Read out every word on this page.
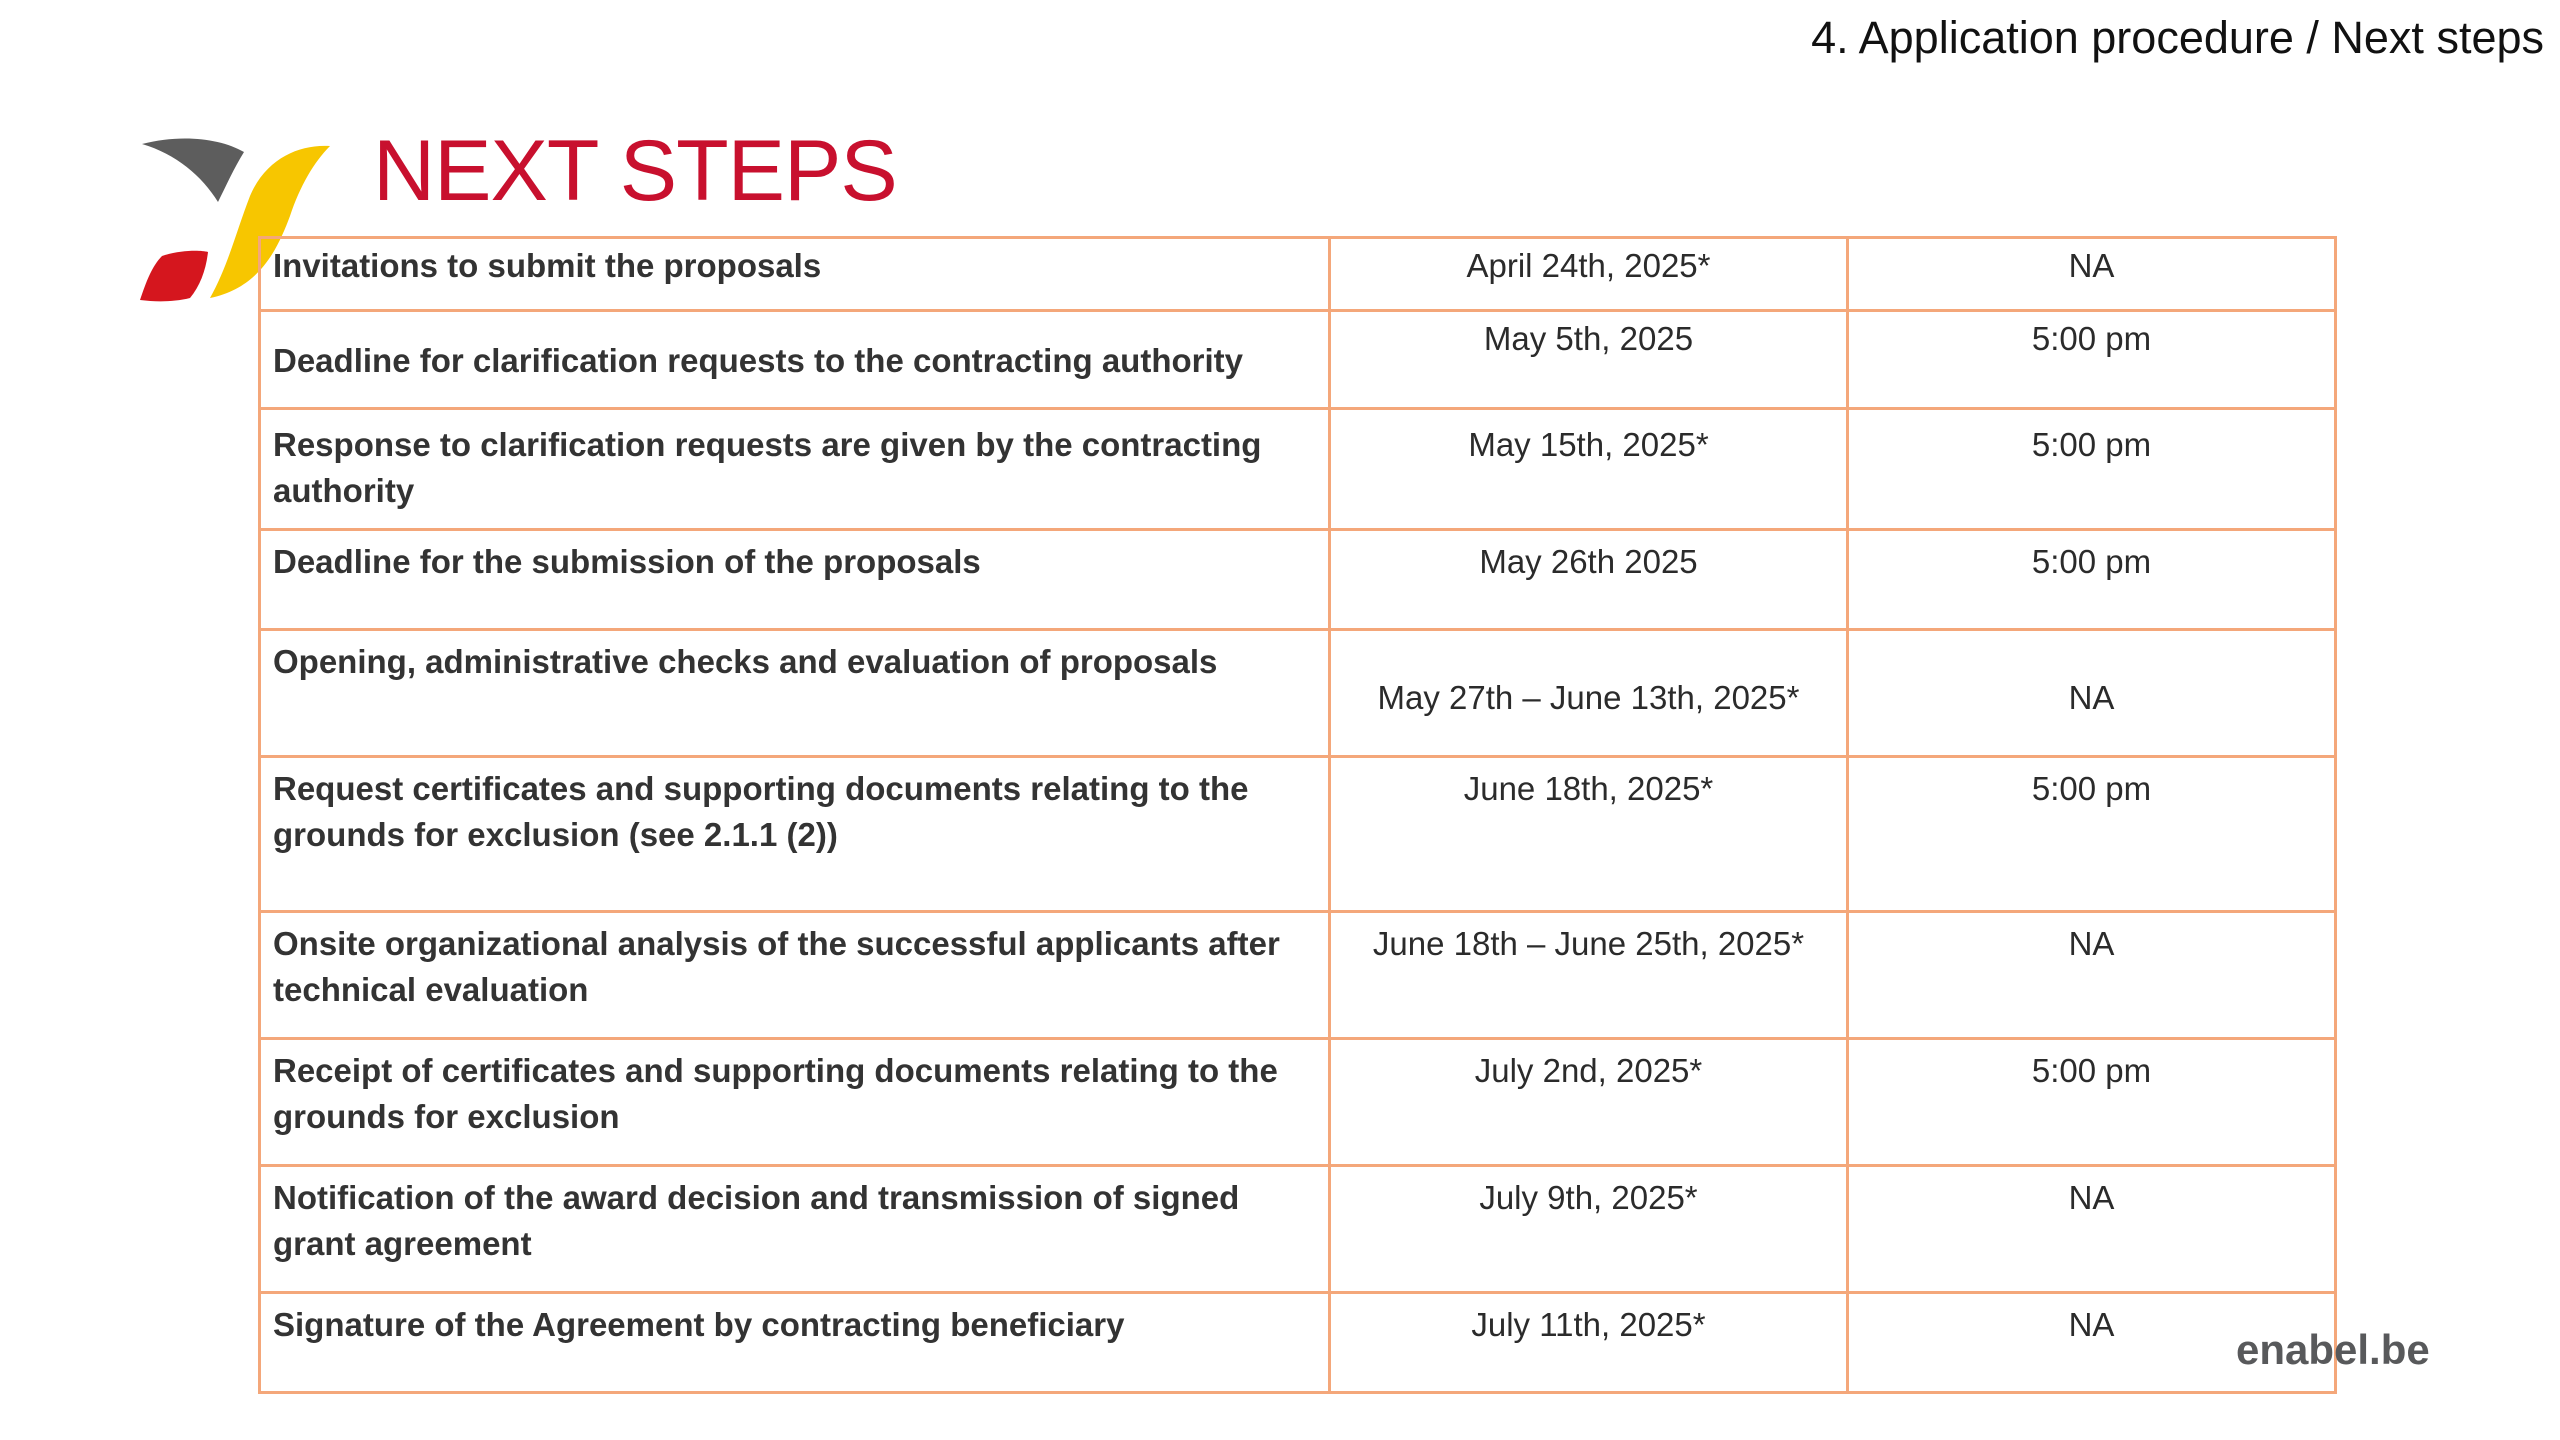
4. Application procedure / Next steps
NEXT STEPS
Invitations to submit the proposals	April 24th, 2025*	NA
Deadline for clarification requests to the contracting authority	May 5th, 2025	5:00 pm
Response to clarification requests are given by the contracting authority	May 15th, 2025*	5:00 pm
Deadline for the submission of the proposals	May 26th 2025	5:00 pm
Opening, administrative checks and evaluation of proposals	May 27th – June 13th, 2025*	NA
Request certificates and supporting documents relating to the grounds for exclusion (see 2.1.1 (2))	June 18th, 2025*	5:00 pm
Onsite organizational analysis of the successful applicants after technical evaluation	June 18th – June 25th, 2025*	NA
Receipt of certificates and supporting documents relating to the grounds for exclusion	July 2nd, 2025*	5:00 pm
Notification of the award decision and transmission of signed grant agreement	July 9th, 2025*	NA
Signature of the Agreement by contracting beneficiary	July 11th, 2025*	NA
enabel.be
